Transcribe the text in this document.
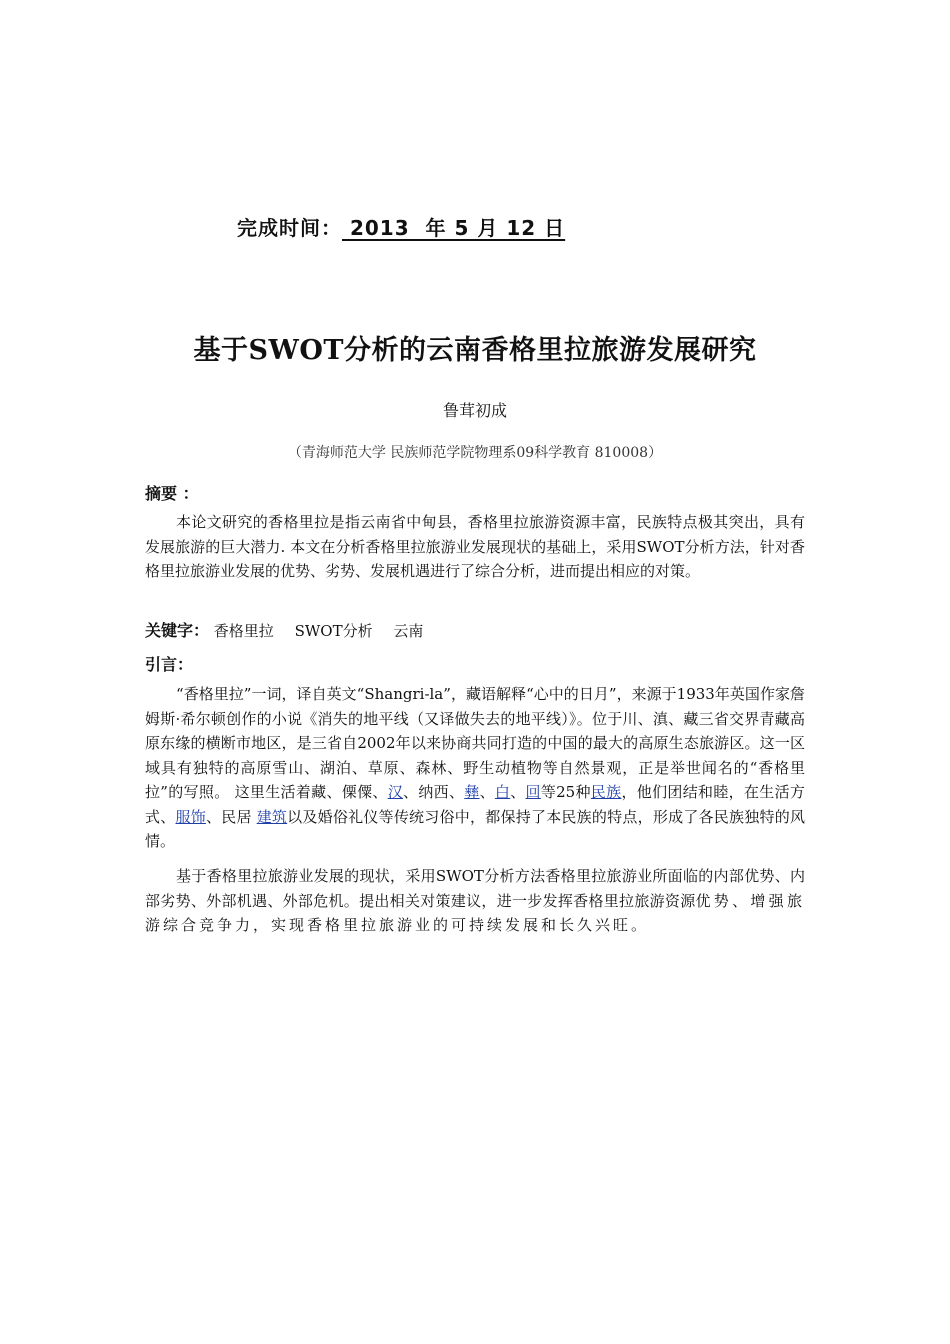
完成时间： 2013  年 5 月 12 日
基于SWOT分析的云南香格里拉旅游发展研究
鲁茸初成
（青海师范大学 民族师范学院物理系09科学教育 810008）
摘要 ：
本论文研究的香格里拉是指云南省中甸县，香格里拉旅游资源丰富，民族特点极其突出，具有发展旅游的巨大潜力. 本文在分析香格里拉旅游业发展现状的基础上，采用SWOT分析方法，针对香格里拉旅游业发展的优势、劣势、发展机遇进行了综合分析，进而提出相应的对策。
关键字： 香格里拉 SWOT分析 云南
引言：
“香格里拉”一词，译自英文“Shangri-la”，藏语解释“心中的日月”，来源于1933年英国作家詹姆斯·希尔顿创作的小说《消失的地平线（又译做失去的地平线）》。位于川、滇、藏三省交界青藏高原东缘的横断市地区，是三省自2002年以来协商共同打造的中国的最大的高原生态旅游区。这一区域具有独特的高原雪山、湖泊、草原、森林、野生动植物等自然景观，正是举世闻名的“香格里拉”的写照。 这里生活着藏、傈僳、汉、纳西、彝、白、回等25种民族，他们团结和睦，在生活方式、服饰、民居 建筑以及婚俗礼仪等传统习俗中，都保持了本民族的特点，形成了各民族独特的风情。
基于香格里拉旅游业发展的现状，采用SWOT分析方法香格里拉旅游业所面临的内部优势、内部劣势、外部机遇、外部危机。提出相关对策建议，进一步发挥香格里拉旅游资源优势、增强旅游综合竞争力，实现香格里拉旅游业的可持续发展和长久兴旺。
